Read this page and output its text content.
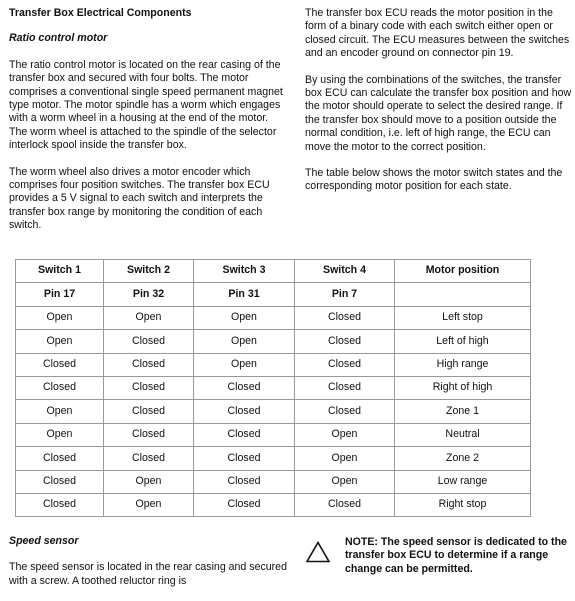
Transfer Box Electrical Components
Ratio control motor

The ratio control motor is located on the rear casing of the transfer box and secured with four bolts. The motor comprises a conventional single speed permanent magnet type motor. The motor spindle has a worm which engages with a worm wheel in a housing at the end of the motor. The worm wheel is attached to the spindle of the selector interlock spool inside the transfer box.

The worm wheel also drives a motor encoder which comprises four position switches. The transfer box ECU provides a 5 V signal to each switch and interprets the transfer box range by monitoring the condition of each switch.

The transfer box ECU reads the motor position in the form of a binary code with each switch either open or closed circuit. The ECU measures between the switches and an encoder ground on connector pin 19.

By using the combinations of the switches, the transfer box ECU can calculate the transfer box position and how the motor should operate to select the desired range. If the transfer box should move to a position outside the normal condition, i.e. left of high range, the ECU can move the motor to the correct position.

The table below shows the motor switch states and the corresponding motor position for each state.

Switch 1	Switch 2	Switch 3	Switch 4	Motor position
Pin 17	Pin 32	Pin 31	Pin 7	
Open	Open	Open	Closed	Left stop
Open	Closed	Open	Closed	Left of high
Closed	Closed	Open	Closed	High range
Closed	Closed	Closed	Closed	Right of high
Open	Closed	Closed	Closed	Zone 1
Open	Closed	Closed	Open	Neutral
Closed	Closed	Closed	Open	Zone 2
Closed	Open	Closed	Open	Low range
Closed	Open	Closed	Closed	Right stop
Speed sensor

The speed sensor is located in the rear casing and secured with a screw. A toothed reluctor ring is

NOTE: The speed sensor is dedicated to the transfer box ECU to determine if a range change can be permitted.
